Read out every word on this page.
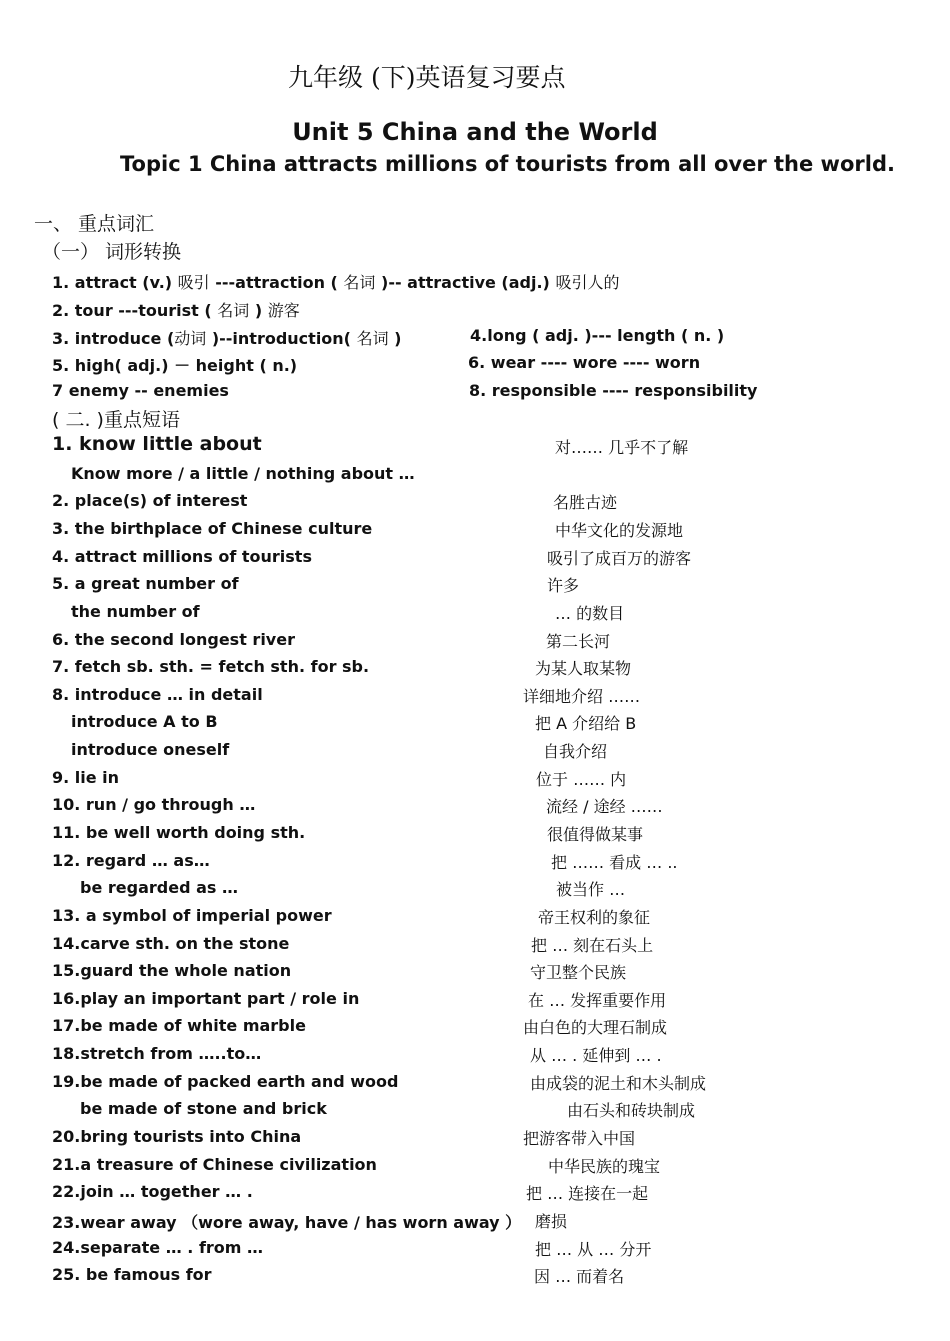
九年级 (下)英语复习要点
Unit 5 China and the World
Topic 1 China attracts millions of tourists from all over the world.
一、 重点词汇
（一） 词形转换
1. attract (v.) 吸引 ---attraction ( 名词 )-- attractive (adj.) 吸引人的
2. tour ---tourist ( 名词 ) 游客
3. introduce (动词 )--introduction( 名词 )	4.long ( adj. )--- length ( n. )
5. high( adj.) － height ( n.)	6. wear ---- wore ---- worn
7 enemy -- enemies	8. responsible ---- responsibility
( 二. )重点短语
1. know little about	对…… 几乎不了解
Know more / a little / nothing about …
2. place(s) of interest	名胜古迹
3. the birthplace of Chinese culture	中华文化的发源地
4. attract millions of tourists	吸引了成百万的游客
5. a great number of	许多
the number of	… 的数目
6. the second longest river	第二长河
7. fetch sb. sth. = fetch sth. for sb.	为某人取某物
8. introduce … in detail	详细地介绍 ……
introduce A to B	把 A 介绍给 B
introduce oneself	自我介绍
9. lie in	位于 …… 内
10. run / go through …	流经 / 途经 ……
11. be well worth doing sth.	很值得做某事
12. regard … as…	把 …… 看成 … ..
be regarded as …	被当作 …
13. a symbol of imperial power	帝王权利的象征
14.carve sth. on the stone	把 … 刻在石头上
15.guard the whole nation	守卫整个民族
16.play an important part / role in	在 … 发挥重要作用
17.be made of white marble	由白色的大理石制成
18.stretch from …..to…	从 … . 延伸到 … .
19.be made of packed earth and wood	由成袋的泥土和木头制成
be made of stone and brick	由石头和砖块制成
20.bring tourists into China	把游客带入中国
21.a treasure of Chinese civilization	中华民族的瑰宝
22.join … together … .	把 … 连接在一起
23.wear away （wore away, have / has worn away ） 磨损
24.separate … . from …	把 … 从 … 分开
25. be famous for	因 … 而着名
